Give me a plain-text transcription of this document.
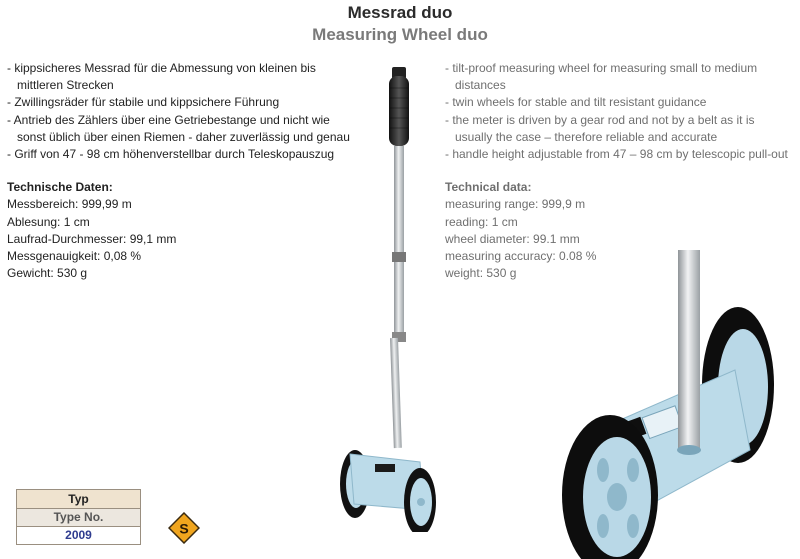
Messrad duo
Measuring Wheel duo

- kippsicheres Messrad für die Abmessung von kleinen bis mittleren Strecken

- Zwillingsräder für stabile und kippsichere Führung

- Antrieb des Zählers über eine Getriebestange und nicht wie sonst üblich über einen Riemen - daher zuverlässig und genau

- Griff von 47 - 98 cm höhenverstellbar durch Teleskopauszug

Technische Daten:

Messbereich: 999,99 m

Ablesung: 1 cm

Laufrad-Durchmesser: 99,1 mm

Messgenauigkeit: 0,08 %

Gewicht: 530 g

- tilt-proof measuring wheel for measuring small to medium distances

- twin wheels for stable and tilt resistant guidance

- the meter is driven by a gear rod and not by a belt as it is usually the case – therefore reliable and accurate

- handle height adjustable from 47 – 98 cm by telescopic pull-out

Technical data:

measuring range: 999,9 m

reading: 1 cm

wheel diameter: 99.1 mm

measuring accuracy: 0.08 %

weight: 530 g

Typ
Type No.
2009	S
